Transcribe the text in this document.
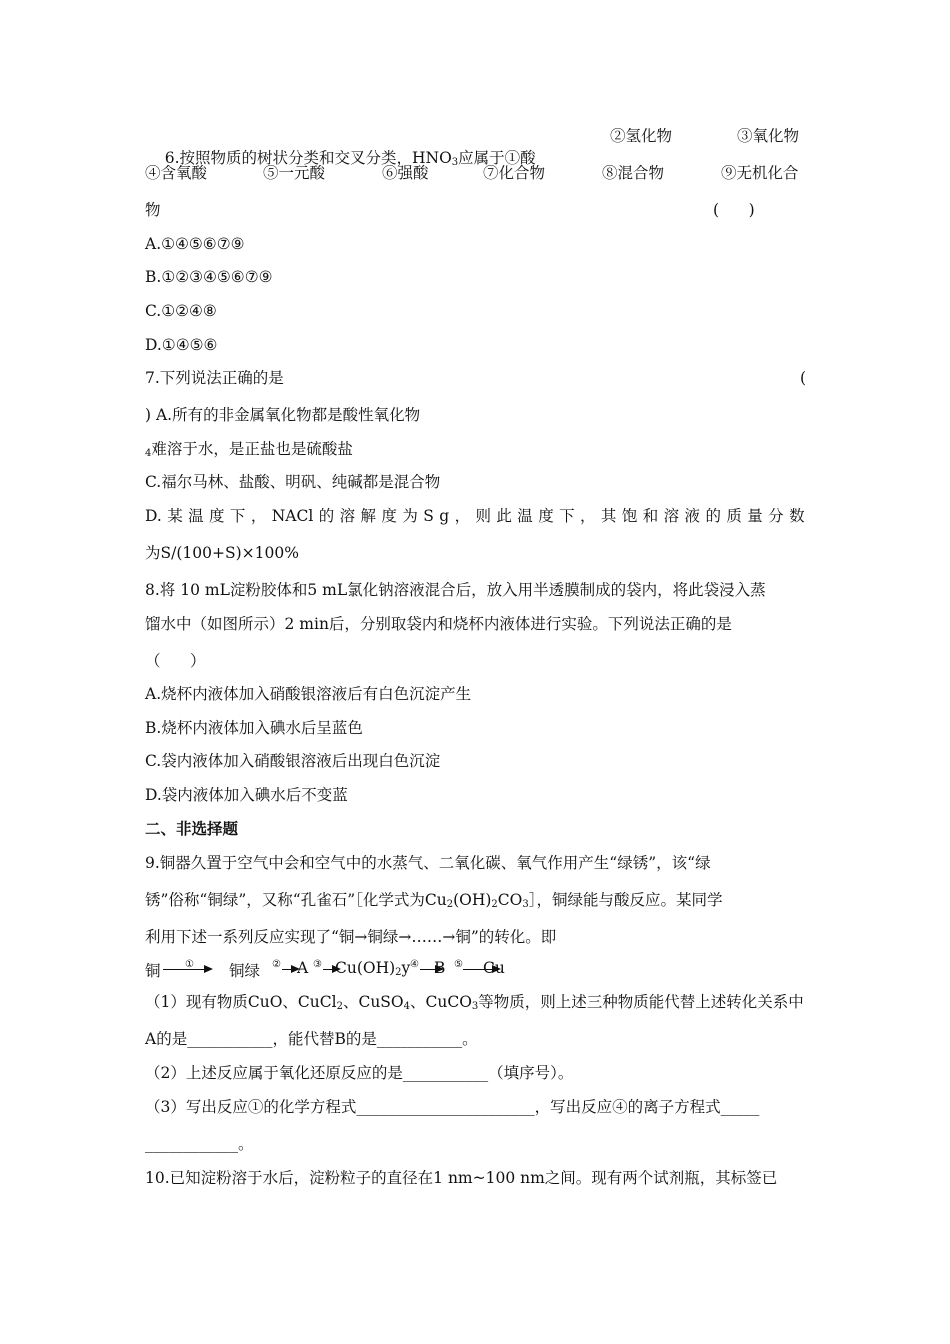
6.按照物质的树状分类和交叉分类，$HNO_3$应属于①酸

②氢化物	③氧化物
④含氧酸	⑤一元酸	⑥强酸	⑦化合物	⑧混合物	⑨无机化合
物	(      )
A.①④⑤⑥⑦⑨
B.①②③④⑤⑥⑦⑨
C.①②④⑧
D.①④⑤⑥
7.下列说法正确的是	(
) A.所有的非金属氧化物都是酸性氧化物
$_4$难溶于水，是正盐也是硫酸盐
C.福尔马林、盐酸、明矾、纯碱都是混合物
D. 某 温 度 下 ， NACl 的 溶 解 度 为 S g ， 则 此 温 度 下 ， 其 饱 和 溶 液 的 质 量 分 数
为S/(100+S)×100%
8.将 10 mL淀粉胶体和5 mL氯化钠溶液混合后，放入用半透膜制成的袋内，将此袋浸入蒸
馏水中（如图所示）2 min后，分别取袋内和烧杯内液体进行实验。下列说法正确的是
（      ）
A.烧杯内液体加入硝酸银溶液后有白色沉淀产生
B.烧杯内液体加入碘水后呈蓝色
C.袋内液体加入硝酸银溶液后出现白色沉淀
D.袋内液体加入碘水后不变蓝
二、非选择题
9.铜器久置于空气中会和空气中的水蒸气、二氧化碳、氧气作用产生“绿锈”，该“绿
锈”俗称“铜绿”，又称“孔雀石”［化学式为$Cu_2(OH)_2CO_3]$，铜绿能与酸反应。某同学
利用下述一系列反应实现了“铜→铜绿→……→铜”的转化。即
铜 ① 铜绿 ② A ③ $Cu(OH)_2y$ ④ B ⑤ Cu
（1）现有物质CuO、CuCl$_2$、CuSO$_4$、CuCO$_3$等物质，则上述三种物质能代替上述转化关系中
A的是___________，能代替B的是___________。
（2）上述反应属于氧化还原反应的是___________（填序号）。
（3）写出反应①的化学方程式_______________________，写出反应④的离子方程式_____
____________。
10.已知淀粉溶于水后，淀粉粒子的直径在1 nm~100 nm之间。现有两个试剂瓶，其标签已
